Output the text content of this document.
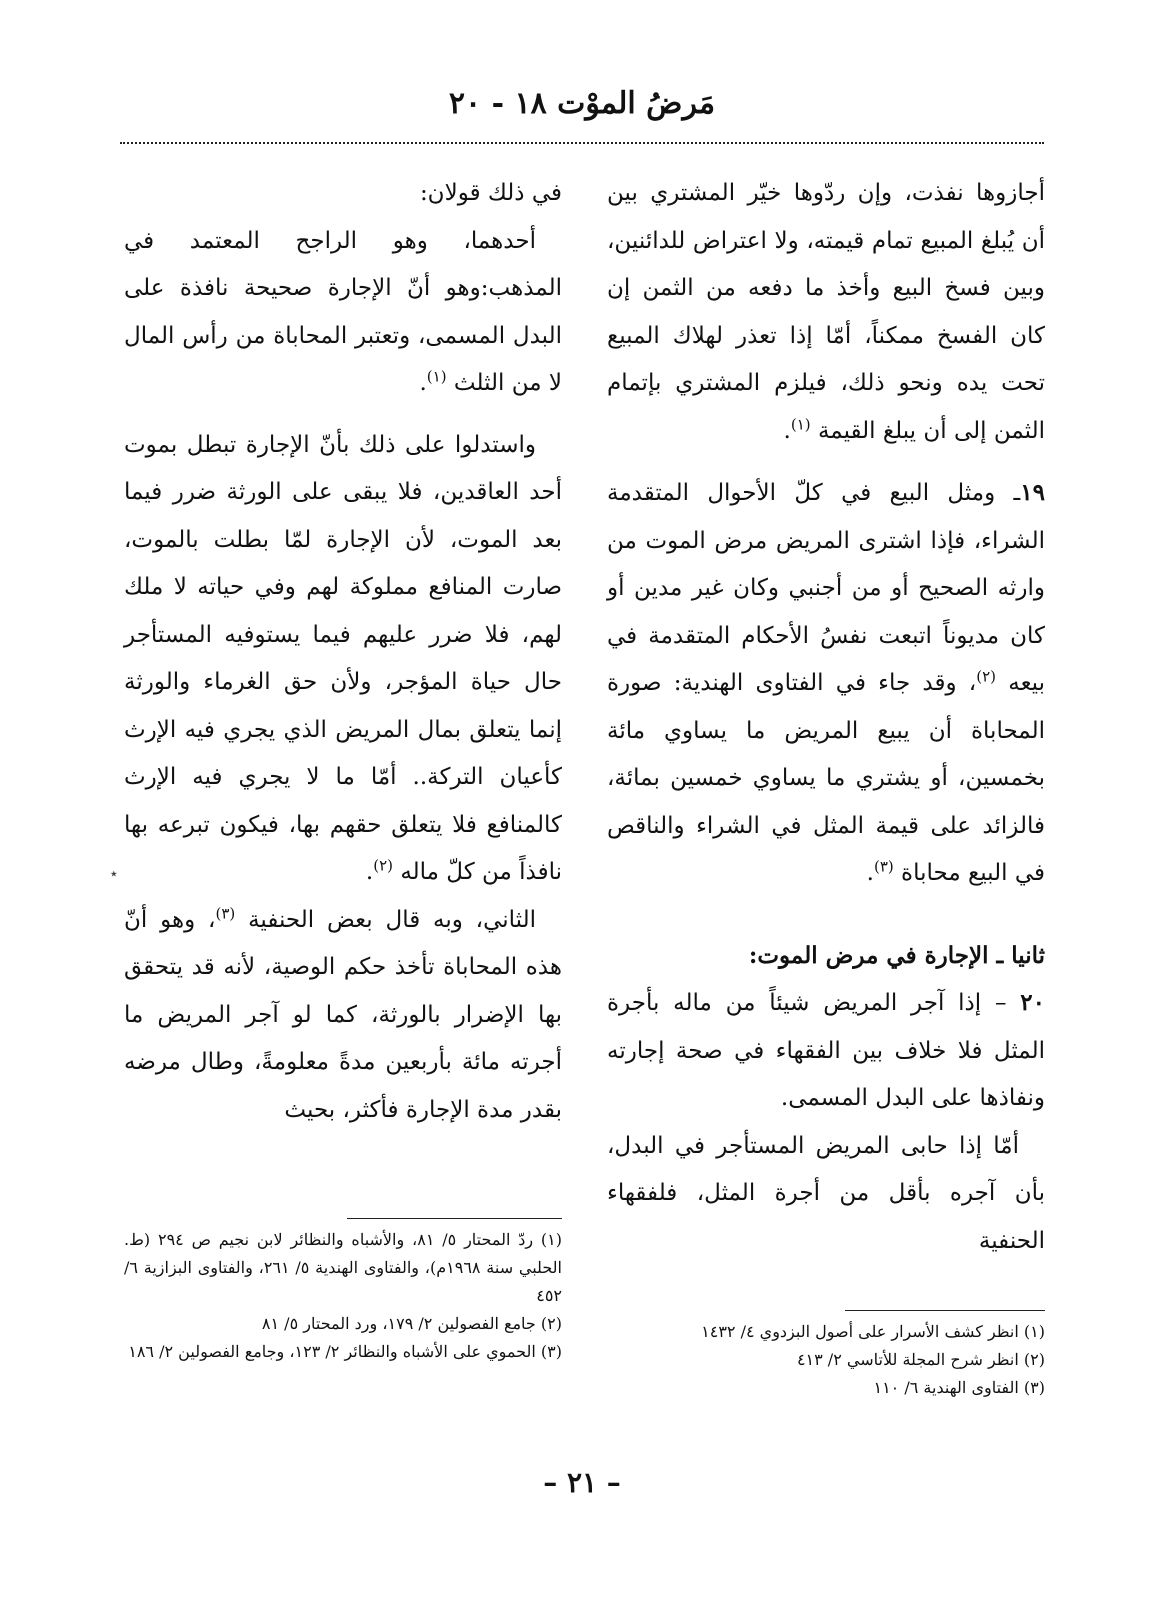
مَرضُ الموْت ١٨ - ٢٠

أجازوها نفذت، وإن ردّوها خيّر المشتري بين أن يُبلغ المبيع تمام قيمته، ولا اعتراض للدائنين، وبين فسخ البيع وأخذ ما دفعه من الثمن إن كان الفسخ ممكناً، أمّا إذا تعذر لهلاك المبيع تحت يده ونحو ذلك، فيلزم المشتري بإتمام الثمن إلى أن يبلغ القيمة $^{(١)}$.

١٩ـ ومثل البيع في كلّ الأحوال المتقدمة الشراء، فإذا اشترى المريض مرض الموت من وارثه الصحيح أو من أجنبي وكان غير مدين أو كان مديوناً اتبعت نفسُ الأحكام المتقدمة في بيعه $^{(٢)}$، وقد جاء في الفتاوى الهندية: صورة المحاباة أن يبيع المريض ما يساوي مائة بخمسين، أو يشتري ما يساوي خمسين بمائة، فالزائد على قيمة المثل في الشراء والناقص في البيع محاباة $^{(٣)}$.

ثانيا ـ الإجارة في مرض الموت:

٢٠ – إذا آجر المريض شيئاً من ماله بأجرة المثل فلا خلاف بين الفقهاء في صحة إجارته ونفاذها على البدل المسمى.

أمّا إذا حابى المريض المستأجر في البدل، بأن آجره بأقل من أجرة المثل، فلفقهاء الحنفية

في ذلك قولان:

أحدهما، وهو الراجح المعتمد في المذهب:وهو أنّ الإجارة صحيحة نافذة على البدل المسمى، وتعتبر المحاباة من رأس المال لا من الثلث $^{(١)}$.

واستدلوا على ذلك بأنّ الإجارة تبطل بموت أحد العاقدين، فلا يبقى على الورثة ضرر فيما بعد الموت، لأن الإجارة لمّا بطلت بالموت، صارت المنافع مملوكة لهم وفي حياته لا ملك لهم، فلا ضرر عليهم فيما يستوفيه المستأجر حال حياة المؤجر، ولأن حق الغرماء والورثة إنما يتعلق بمال المريض الذي يجري فيه الإرث كأعيان التركة.. أمّا ما لا يجري فيه الإرث كالمنافع فلا يتعلق حقهم بها، فيكون تبرعه بها نافذاً من كلّ ماله $^{(٢)}$.

الثاني، وبه قال بعض الحنفية $^{(٣)}$، وهو أنّ هذه المحاباة تأخذ حكم الوصية، لأنه قد يتحقق بها الإضرار بالورثة، كما لو آجر المريض ما أجرته مائة بأربعين مدةً معلومةً، وطال مرضه بقدر مدة الإجارة فأكثر، بحيث

٭
(١) ردّ المحتار ٥/ ٨١، والأشباه والنظائر لابن نجيم ص ٢٩٤ (ط. الحلبي سنة ١٩٦٨م)، والفتاوى الهندية ٥/ ٢٦١، والفتاوى البزازية ٦/ ٤٥٢
(٢) جامع الفصولين ٢/ ١٧٩، ورد المحتار ٥/ ٨١
(٣) الحموي على الأشباه والنظائر ٢/ ١٢٣، وجامع الفصولين ٢/ ١٨٦
(١) انظر كشف الأسرار على أصول البزدوي ٤/ ١٤٣٢
(٢) انظر شرح المجلة للأتاسي ٢/ ٤١٣
(٣) الفتاوى الهندية ٦/ ١١٠
– ٢١ –
